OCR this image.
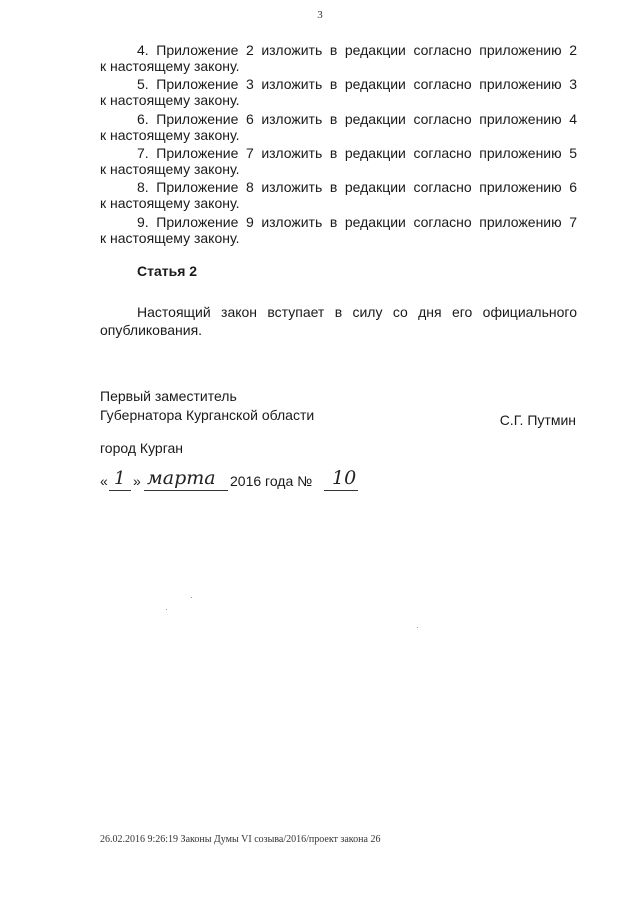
3
4. Приложение 2 изложить в редакции согласно приложению 2
к настоящему закону.
5. Приложение 3 изложить в редакции согласно приложению 3
к настоящему закону.
6. Приложение 6 изложить в редакции согласно приложению 4
к настоящему закону.
7. Приложение 7 изложить в редакции согласно приложению 5
к настоящему закону.
8. Приложение 8 изложить в редакции согласно приложению 6
к настоящему закону.
9. Приложение 9 изложить в редакции согласно приложению 7
к настоящему закону.
Статья 2
Настоящий закон вступает в силу со дня его официального
опубликования.
Первый заместитель
Губернатора Курганской области	С.Г. Путмин
город Курган
« 1 » марта 2016 года № 10
26.02.2016 9:26:19 Законы Думы VI созыва/2016/проект закона 26
